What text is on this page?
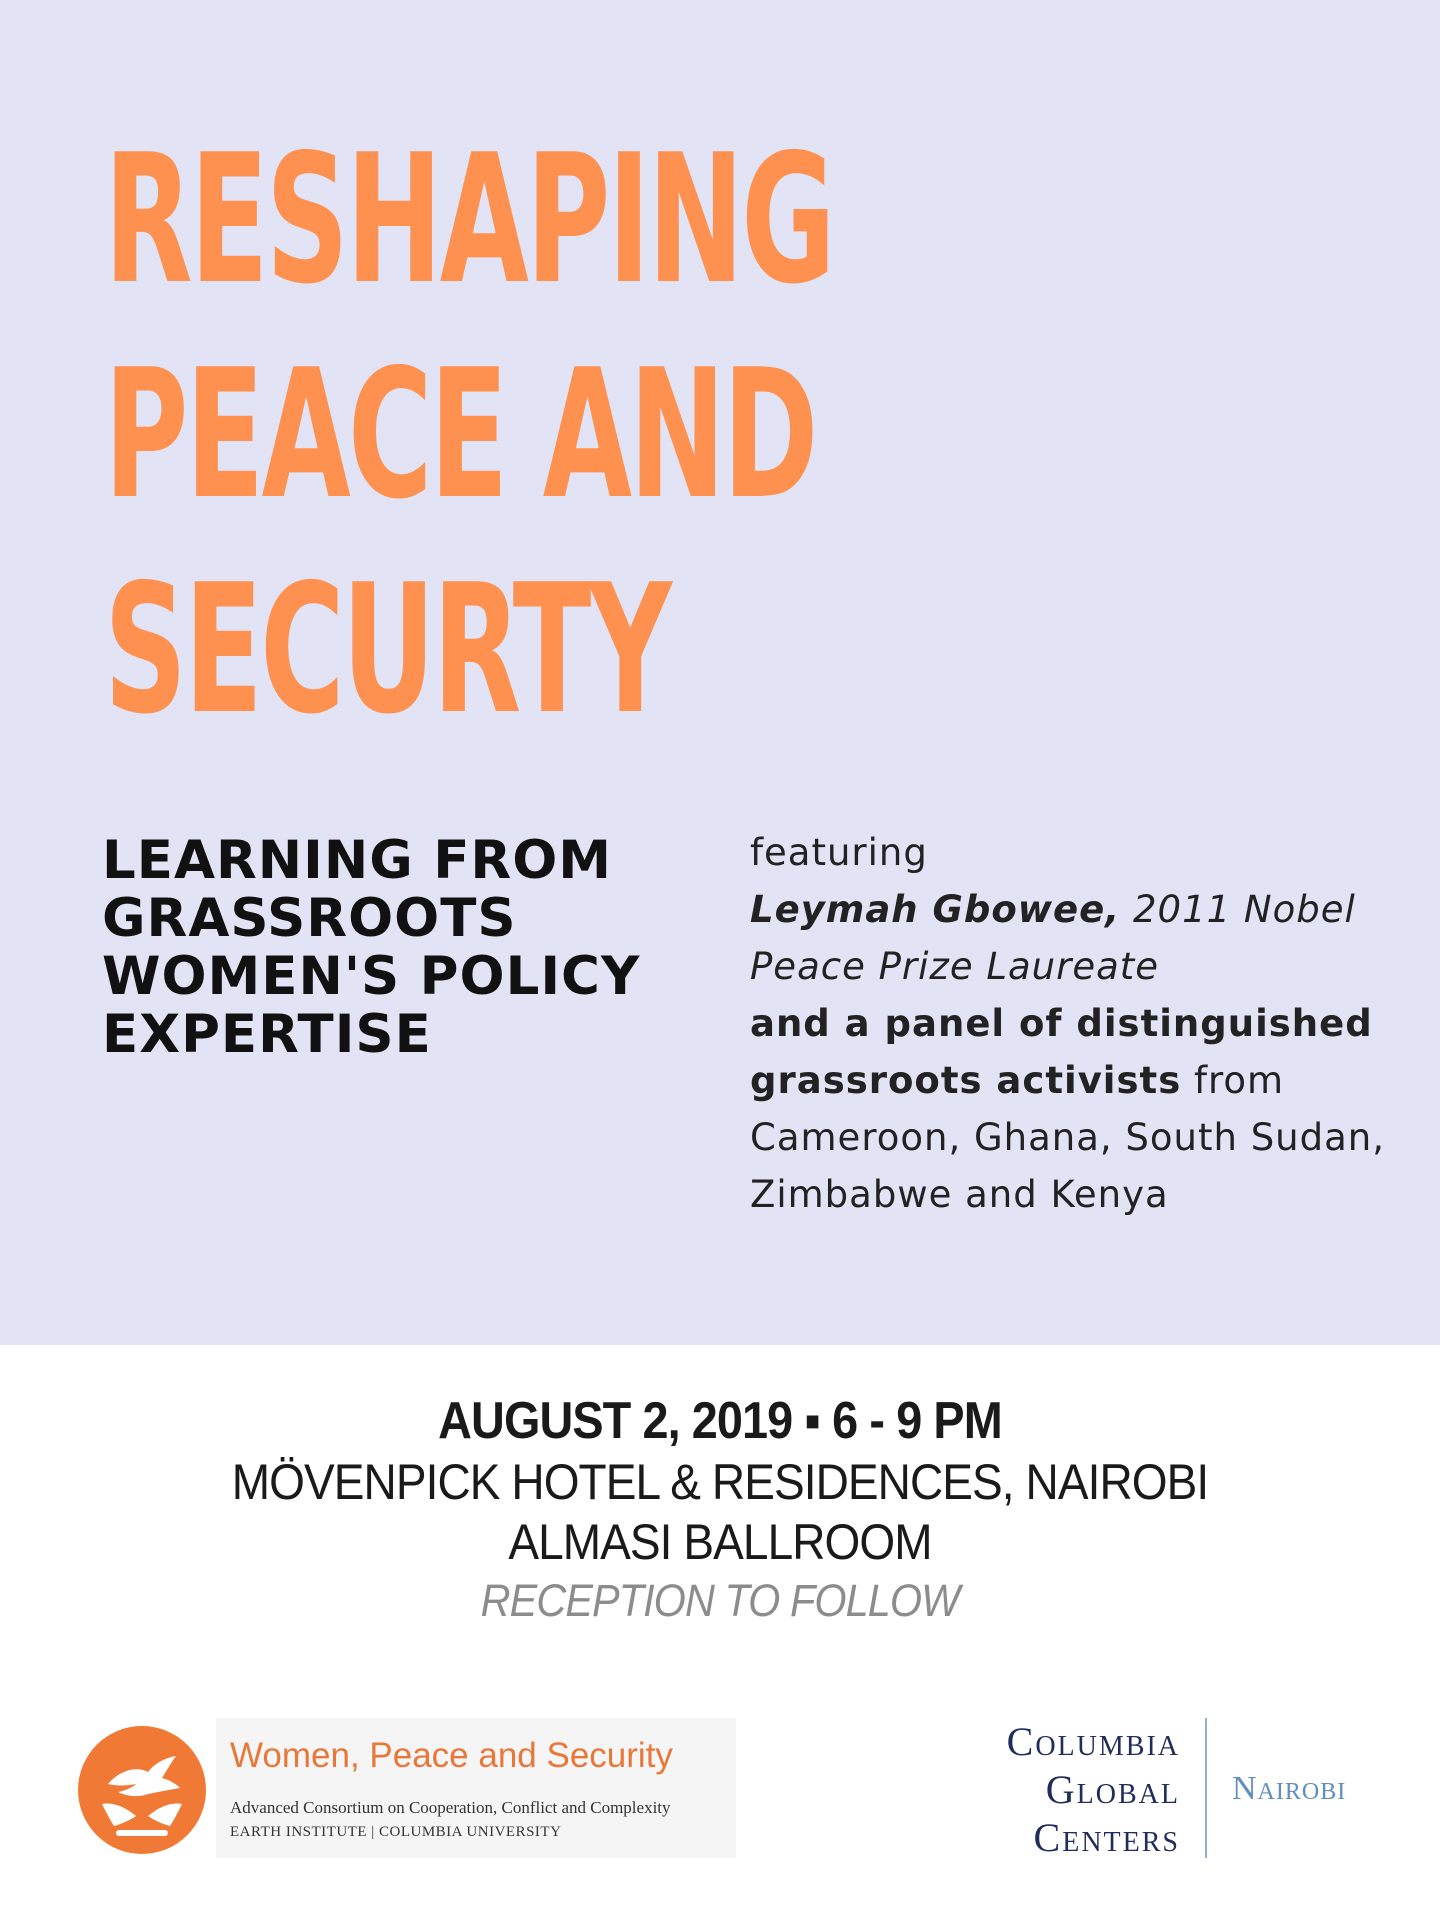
RESHAPING
PEACE AND
SECURTY
LEARNING FROM
GRASSROOTS
WOMEN'S POLICY
EXPERTISE
featuring
Leymah Gbowee, 2011 Nobel
Peace Prize Laureate
and a panel of distinguished
grassroots activists from
Cameroon, Ghana, South Sudan,
Zimbabwe and Kenya
AUGUST 2, 2019 ▪ 6 - 9 PM
MÖVENPICK HOTEL & RESIDENCES, NAIROBI
ALMASI BALLROOM
RECEPTION TO FOLLOW
Women, Peace and Security
Advanced Consortium on Cooperation, Conflict and Complexity
EARTH INSTITUTE | COLUMBIA UNIVERSITY
Columbia
Global
Centers
Nairobi
